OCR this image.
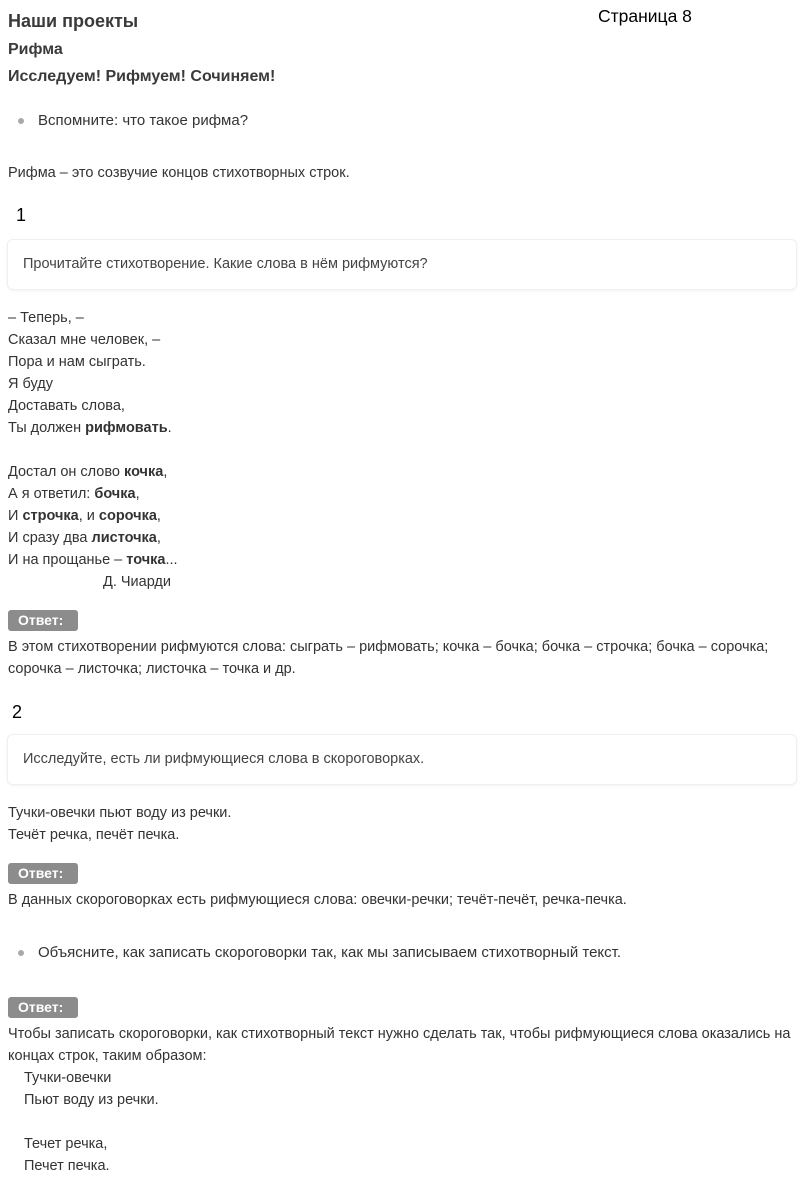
Наши проекты	Страница 8
Рифма
Исследуем! Рифмуем! Сочиняем!
Вспомните: что такое рифма?
Рифма – это созвучие концов стихотворных строк.
1
Прочитайте стихотворение. Какие слова в нём рифмуются?
– Теперь, –
Сказал мне человек, –
Пора и нам сыграть.
Я буду
Доставать слова,
Ты должен рифмовать.
Достал он слово кочка,
А я ответил: бочка,
И строчка, и сорочка,
И сразу два листочка,
И на прощанье – точка...
Д. Чиарди
Ответ:
В этом стихотворении рифмуются слова: сыграть – рифмовать; кочка – бочка; бочка – строчка; бочка – сорочка; сорочка – листочка; листочка – точка и др.
2
Исследуйте, есть ли рифмующиеся слова в скороговорках.
Тучки-овечки пьют воду из речки.
Течёт речка, печёт печка.
Ответ:
В данных скороговорках есть рифмующиеся слова: овечки-речки; течёт-печёт, речка-печка.
Объясните, как записать скороговорки так, как мы записываем стихотворный текст.
Ответ:
Чтобы записать скороговорки, как стихотворный текст нужно сделать так, чтобы рифмующиеся слова оказались на концах строк, таким образом:
Тучки-овечки
Пьют воду из речки.
Течет речка,
Печет печка.
